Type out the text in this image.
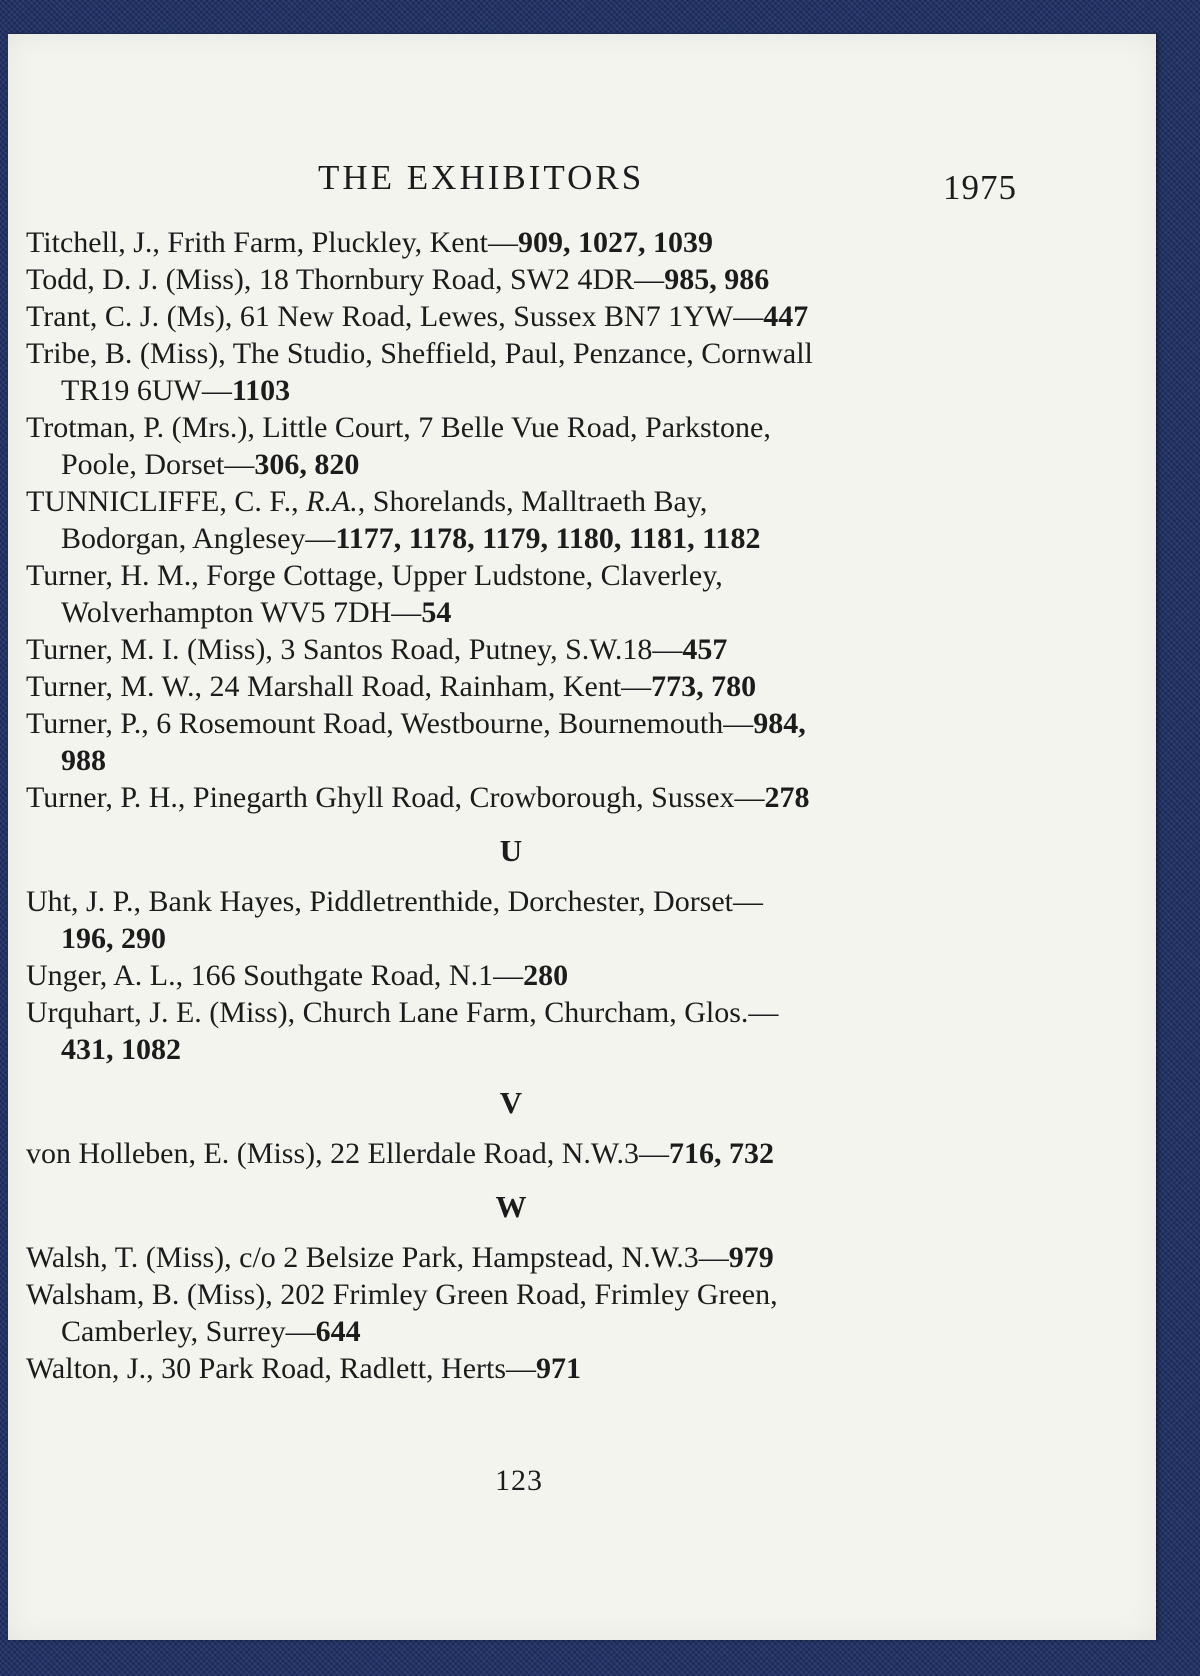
THE EXHIBITORS	1975

Titchell, J., Frith Farm, Pluckley, Kent—909, 1027, 1039

Todd, D. J. (Miss), 18 Thornbury Road, SW2 4DR—985, 986

Trant, C. J. (Ms), 61 New Road, Lewes, Sussex BN7 1YW—447

Tribe, B. (Miss), The Studio, Sheffield, Paul, Penzance, Cornwall
TR19 6UW—1103

Trotman, P. (Mrs.), Little Court, 7 Belle Vue Road, Parkstone,
Poole, Dorset—306, 820

TUNNICLIFFE, C. F., R.A., Shorelands, Malltraeth Bay,
Bodorgan, Anglesey—1177, 1178, 1179, 1180, 1181, 1182

Turner, H. M., Forge Cottage, Upper Ludstone, Claverley,
Wolverhampton WV5 7DH—54

Turner, M. I. (Miss), 3 Santos Road, Putney, S.W.18—457

Turner, M. W., 24 Marshall Road, Rainham, Kent—773, 780

Turner, P., 6 Rosemount Road, Westbourne, Bournemouth—984,
988

Turner, P. H., Pinegarth Ghyll Road, Crowborough, Sussex—278

U

Uht, J. P., Bank Hayes, Piddletrenthide, Dorchester, Dorset—
196, 290

Unger, A. L., 166 Southgate Road, N.1—280

Urquhart, J. E. (Miss), Church Lane Farm, Churcham, Glos.—
431, 1082

V

von Holleben, E. (Miss), 22 Ellerdale Road, N.W.3—716, 732

W

Walsh, T. (Miss), c/o 2 Belsize Park, Hampstead, N.W.3—979

Walsham, B. (Miss), 202 Frimley Green Road, Frimley Green,
Camberley, Surrey—644

Walton, J., 30 Park Road, Radlett, Herts—971

123
